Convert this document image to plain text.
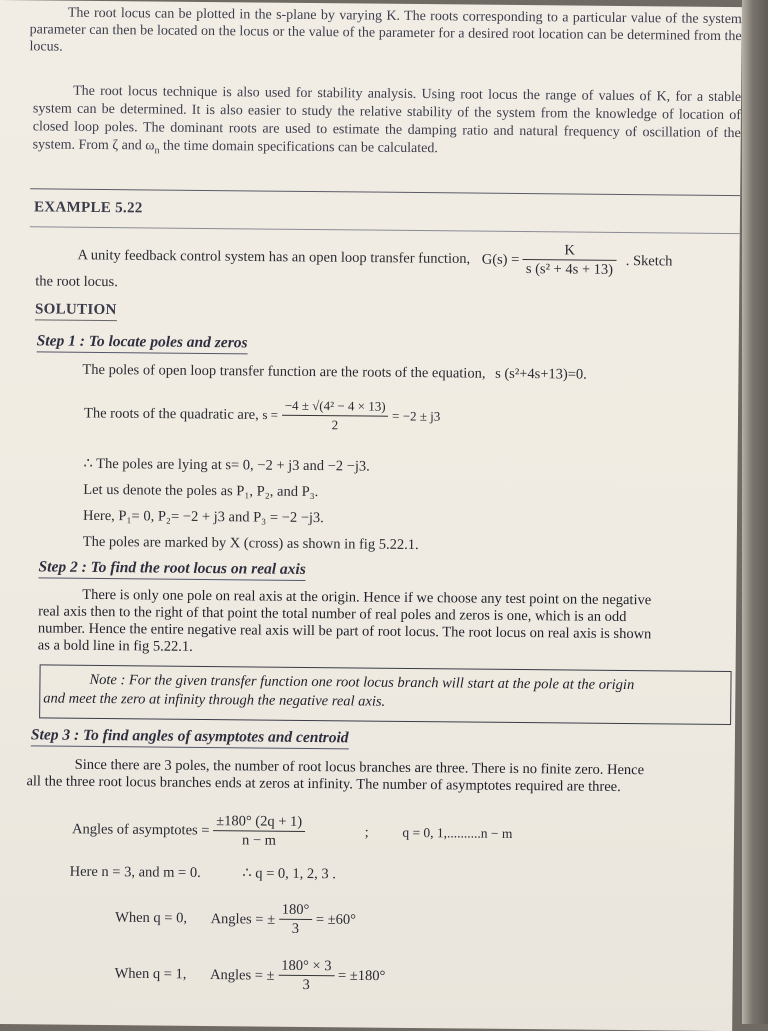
The root locus can be plotted in the s-plane by varying K. The roots corresponding to a particular value of the system parameter can then be located on the locus or the value of the parameter for a desired root location can be determined from the locus.
The root locus technique is also used for stability analysis. Using root locus the range of values of K, for a stable system can be determined. It is also easier to study the relative stability of the system from the knowledge of location of closed loop poles. The dominant roots are used to estimate the damping ratio and natural frequency of oscillation of the system. From ζ and $\omega_n$ the time domain specifications can be calculated.
EXAMPLE 5.22
A unity feedback control system has an open loop transfer function, $G(s) = \frac{K}{\text{s (s² + 4s + 13)}}$ . Sketch
the root locus.
SOLUTION
Step 1 : To locate poles and zeros
The poles of open loop transfer function are the roots of the equation, s (s²+4s+13)=0.
The roots of the quadratic are, $s = \frac{\text{−4 ± √(4² − 4 × 13)}}{2} = -2 \pm j3$
∴ The poles are lying at s= 0, −2 + j3 and −2 −j3.
Let us denote the poles as P₁, P₂, and P₃.
Here, P₁= 0, P₂= −2 + j3 and P₃ = −2 −j3.
The poles are marked by X (cross) as shown in fig 5.22.1.
Step 2 : To find the root locus on real axis
There is only one pole on real axis at the origin. Hence if we choose any test point on the negative
real axis then to the right of that point the total number of real poles and zeros is one, which is an odd
number. Hence the entire negative real axis will be part of root locus. The root locus on real axis is shown
as a bold line in fig 5.22.1.
Note : For the given transfer function one root locus branch will start at the pole at the origin
and meet the zero at infinity through the negative real axis.
Step 3 : To find angles of asymptotes and centroid
Since there are 3 poles, the number of root locus branches are three. There is no finite zero. Hence
all the three root locus branches ends at zeros at infinity. The number of asymptotes required are three.
Angles of asymptotes = $\frac{\pm 180^\circ (2q + 1)}{n - m}$	; q = 0, 1,..........n − m
Here n = 3, and m = 0.	∴ q = 0, 1, 2, 3 .
When q = 0, Angles = ± $\frac{180^\circ}{3} = \pm 60^\circ$
When q = 1, Angles = ± $\frac{180^\circ \times 3}{3} = \pm 180^\circ$
